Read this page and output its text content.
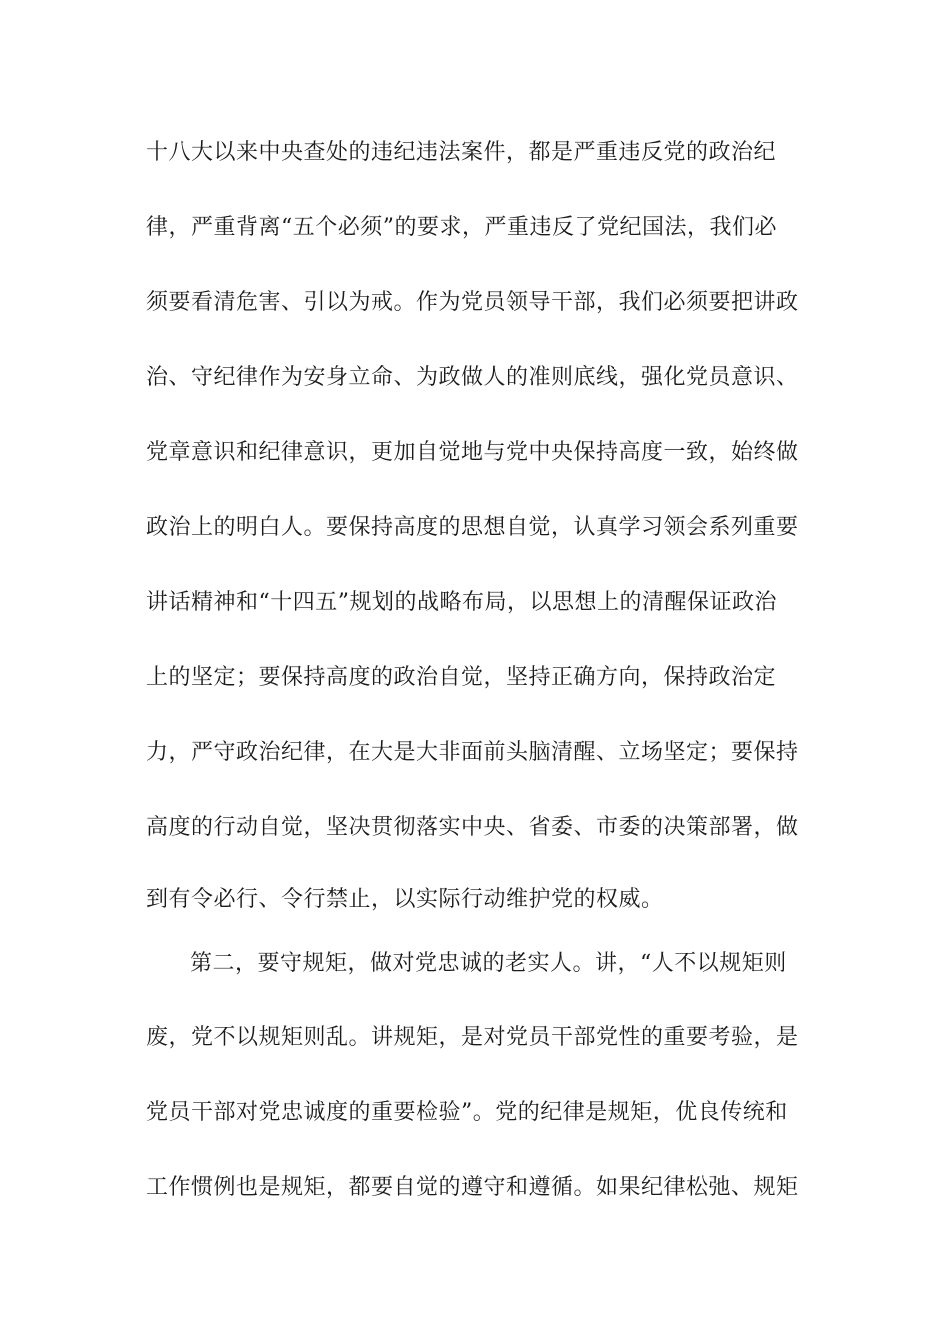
十八大以来中央查处的违纪违法案件，都是严重违反党的政治纪
律，严重背离“五个必须”的要求，严重违反了党纪国法，我们必
须要看清危害、引以为戒。作为党员领导干部，我们必须要把讲政
治、守纪律作为安身立命、为政做人的准则底线，强化党员意识、
党章意识和纪律意识，更加自觉地与党中央保持高度一致，始终做
政治上的明白人。要保持高度的思想自觉，认真学习领会系列重要
讲话精神和“十四五”规划的战略布局，以思想上的清醒保证政治
上的坚定；要保持高度的政治自觉，坚持正确方向，保持政治定
力，严守政治纪律，在大是大非面前头脑清醒、立场坚定；要保持
高度的行动自觉，坚决贯彻落实中央、省委、市委的决策部署，做
到有令必行、令行禁止，以实际行动维护党的权威。
第二，要守规矩，做对党忠诚的老实人。讲，“人不以规矩则
废，党不以规矩则乱。讲规矩，是对党员干部党性的重要考验，是
党员干部对党忠诚度的重要检验”。党的纪律是规矩，优良传统和
工作惯例也是规矩，都要自觉的遵守和遵循。如果纪律松弛、规矩
